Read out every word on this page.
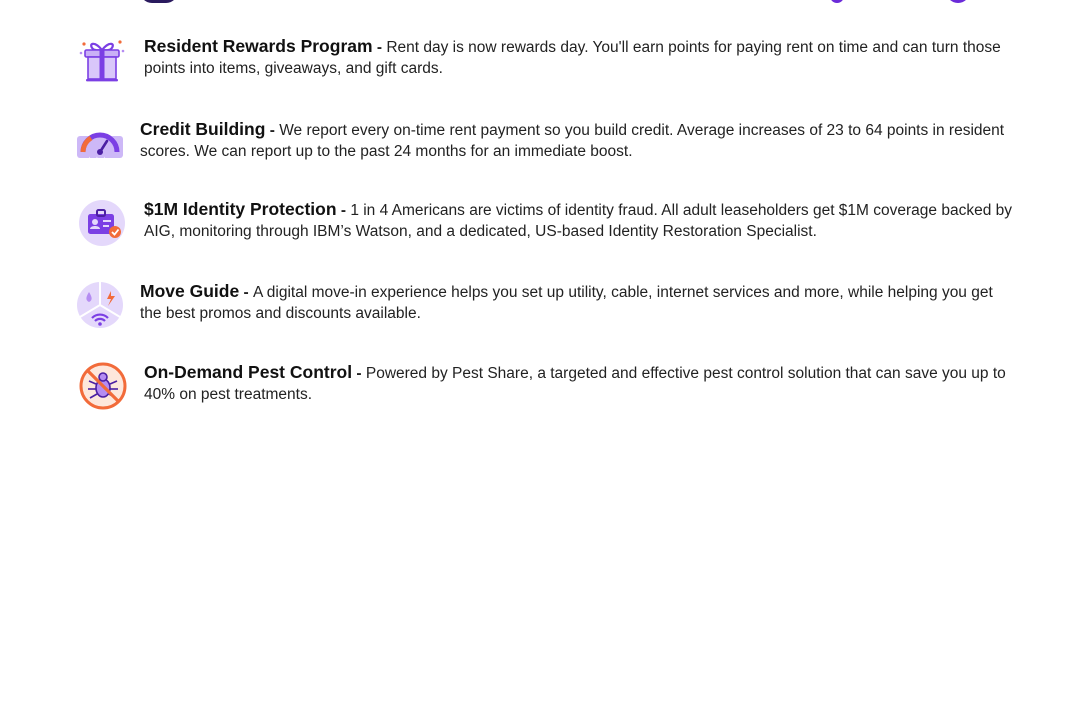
Resident Rewards Program - Rent day is now rewards day. You'll earn points for paying rent on time and can turn those points into items, giveaways, and gift cards.
★ ★ ★
Credit Building - We report every on-time rent payment so you build credit. Average increases of 23 to 64 points in resident scores. We can report up to the past 24 months for an immediate boost.
$1M Identity Protection - 1 in 4 Americans are victims of identity fraud. All adult leaseholders get $1M coverage backed by AIG, monitoring through IBM’s Watson, and a dedicated, US-based Identity Restoration Specialist.
Move Guide - A digital move-in experience helps you set up utility, cable, internet services and more, while helping you get the best promos and discounts available.
On-Demand Pest Control - Powered by Pest Share, a targeted and effective pest control solution that can save you up to 40% on pest treatments.
